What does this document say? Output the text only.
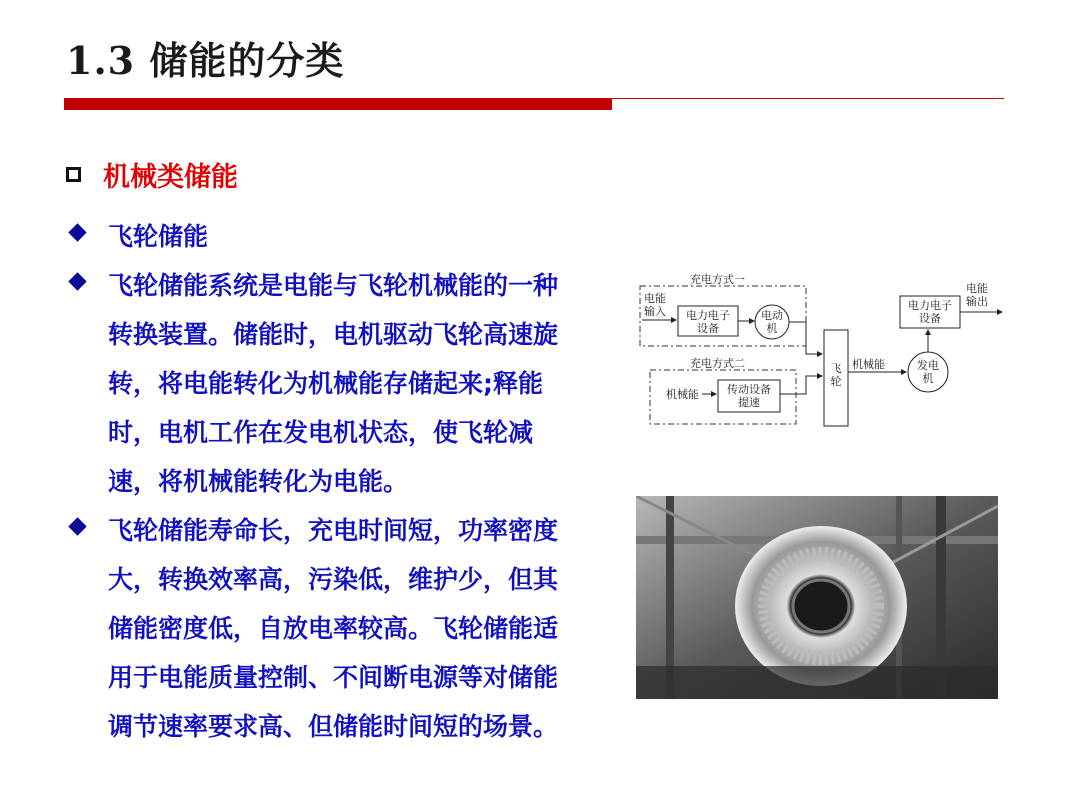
1.3 储能的分类
机械类储能
飞轮储能
飞轮储能系统是电能与飞轮机械能的一种转换装置。储能时，电机驱动飞轮高速旋转，将电能转化为机械能存储起来;释能时，电机工作在发电机状态，使飞轮减速，将机械能转化为电能。
飞轮储能寿命长，充电时间短，功率密度大，转换效率高，污染低，维护少，但其储能密度低，自放电率较高。飞轮储能适用于电能质量控制、不间断电源等对储能调节速率要求高、但储能时间短的场景。
充电方式一
充电方式二
电能
输入 电力电子
设备
电动
机
机械能	传动设备
提速
飞
轮
机械能	发电
机
电力电子
设备
电能
输出
